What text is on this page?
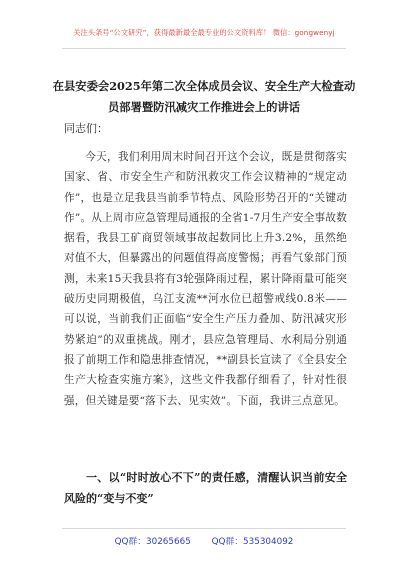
关注头条号“公文研究”，获得最新最全最专业的公文资料库！ 微信：gongwenyj
在县安委会2025年第二次全体成员会议、安全生产大检查动员部署暨防汛减灾工作推进会上的讲话
同志们：

今天，我们利用周末时间召开这个会议，既是贯彻落实国家、省、市安全生产和防汛救灾工作会议精神的“规定动作”，也是立足我县当前季节特点、风险形势召开的“关键动作”。从上周市应急管理局通报的全省1-7月生产安全事故数据看，我县工矿商贸领域事故起数同比上升3.2%，虽然绝对值不大，但暴露出的问题值得高度警惕；再看气象部门预测，未来15天我县将有3轮强降雨过程，累计降雨量可能突破历史同期极值，乌江支流**河水位已超警戒线0.8米——可以说，当前我们正面临“安全生产压力叠加、防汛减灾形势紧迫”的双重挑战。刚才，县应急管理局、水利局分别通报了前期工作和隐患排查情况，**副县长宣读了《全县安全生产大检查实施方案》，这些文件我都仔细看了，针对性很强，但关键是要“落下去、见实效”。下面，我讲三点意见。

一、以“时时放心不下”的责任感，清醒认识当前安全风险的“变与不变”

QQ群：30265665 QQ群：535304092
